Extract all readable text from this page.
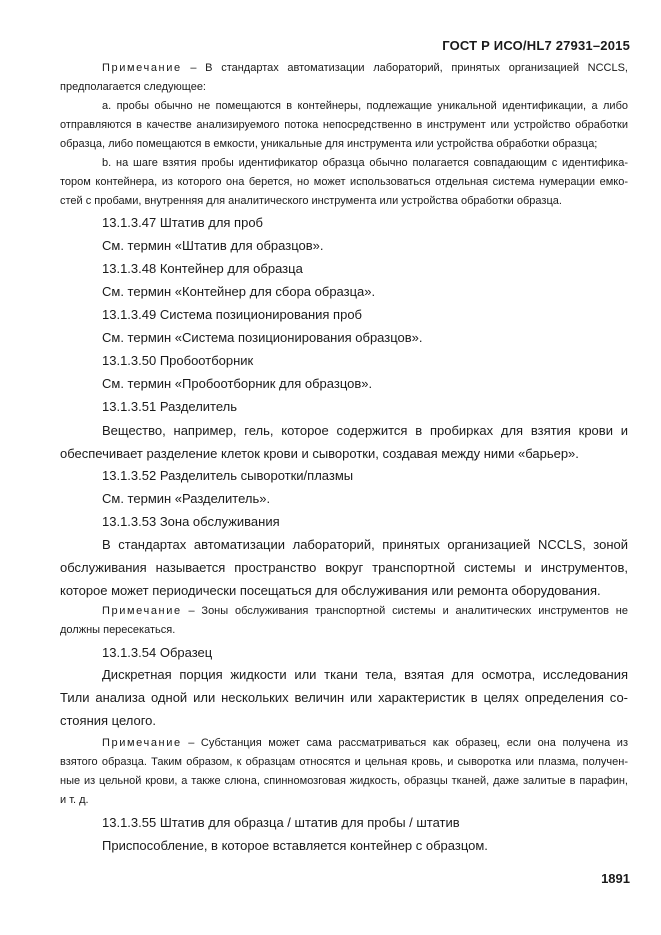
ГОСТ Р ИСО/HL7 27931–2015
Примечание – В стандартах автоматизации лабораторий, принятых организацией NCCLS,
предполагается следующее:
а. пробы обычно не помещаются в контейнеры, подлежащие уникальной идентификации, а либо
отправляются в качестве анализируемого потока непосредственно в инструмент или устройство обработки
образца, либо помещаются в емкости, уникальные для инструмента или устройства обработки образца;
b. на шаге взятия пробы идентификатор образца обычно полагается совпадающим с идентифика-
тором контейнера, из которого она берется, но может использоваться отдельная система нумерации емко-
стей с пробами, внутренняя для аналитического инструмента или устройства обработки образца.
13.1.3.47 Штатив для проб
См. термин «Штатив для образцов».
13.1.3.48 Контейнер для образца
См. термин «Контейнер для сбора образца».
13.1.3.49 Система позиционирования проб
См. термин «Система позиционирования образцов».
13.1.3.50 Пробоотборник
См. термин «Пробоотборник для образцов».
13.1.3.51 Разделитель
Вещество, например, гель, которое содержится в пробирках для взятия крови и
обеспечивает разделение клеток крови и сыворотки, создавая между ними «барьер».
13.1.3.52 Разделитель сыворотки/плазмы
См. термин «Разделитель».
13.1.3.53 Зона обслуживания
В стандартах автоматизации лабораторий, принятых организацией NCCLS, зоной
обслуживания называется пространство вокруг транспортной системы и инструментов,
которое может периодически посещаться для обслуживания или ремонта оборудования.
Примечание – Зоны обслуживания транспортной системы и аналитических инструментов не
должны пересекаться.
13.1.3.54 Образец
Дискретная порция жидкости или ткани тела, взятая для осмотра, исследования
Тили анализа одной или нескольких величин или характеристик в целях определения со-
стояния целого.
Примечание – Субстанция может сама рассматриваться как образец, если она получена из
взятого образца. Таким образом, к образцам относятся и цельная кровь, и сыворотка или плазма, получен-
ные из цельной крови, а также слюна, спинномозговая жидкость, образцы тканей, даже залитые в парафин,
и т. д.
13.1.3.55 Штатив для образца / штатив для пробы / штатив
Приспособление, в которое вставляется контейнер с образцом.
1891
